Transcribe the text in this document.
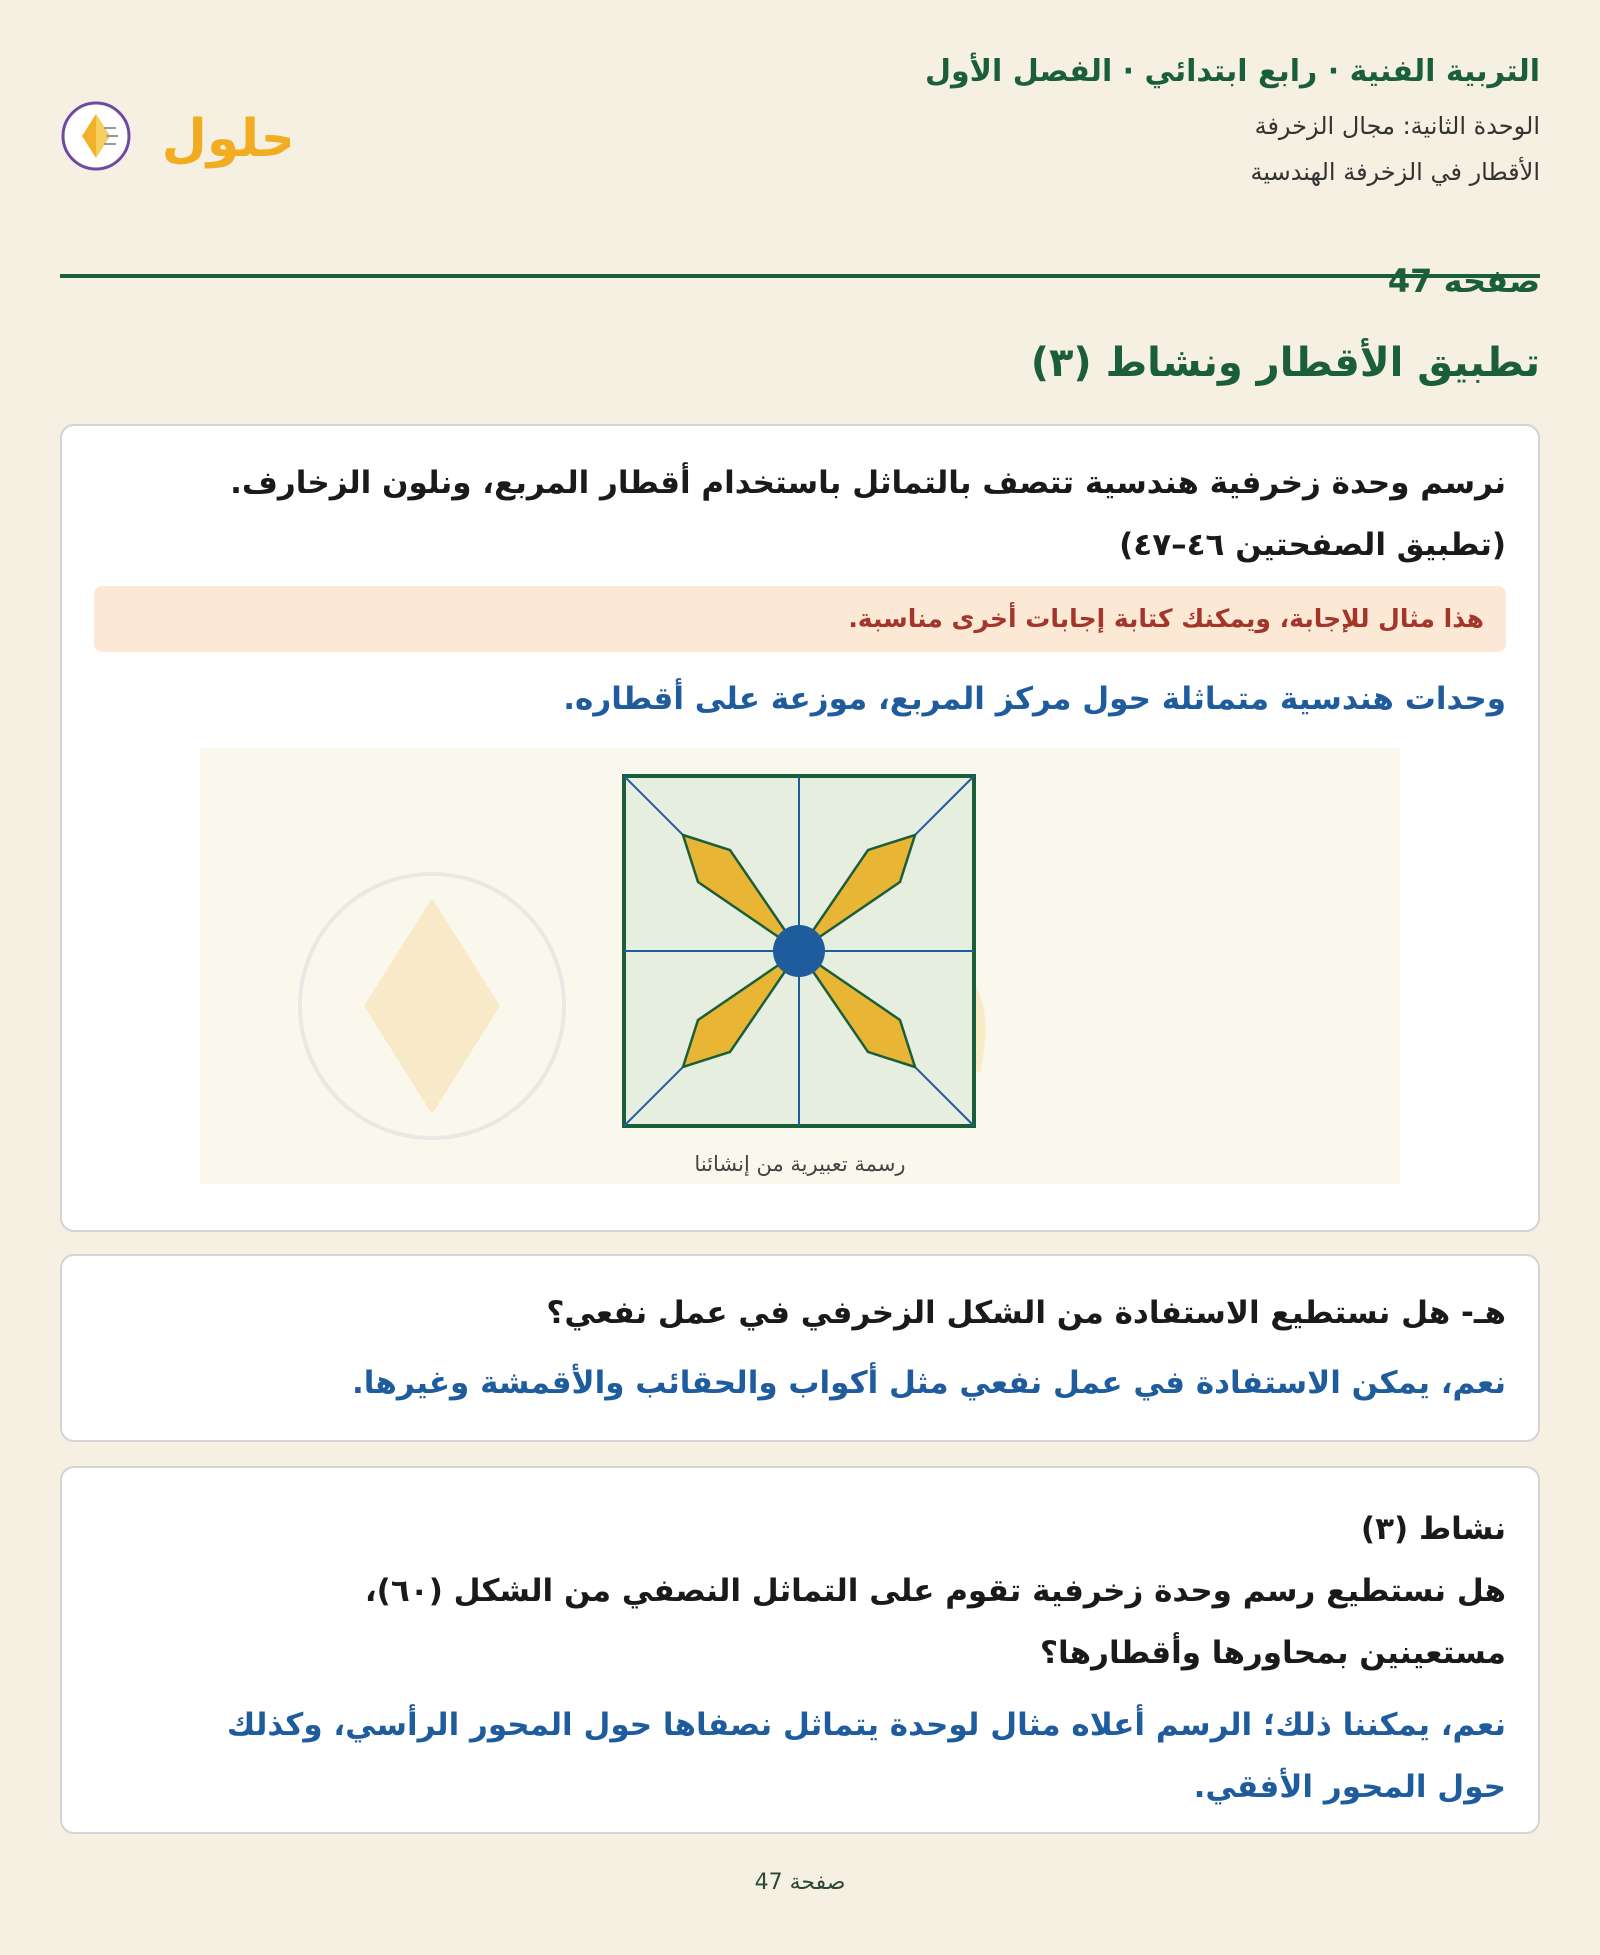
التربية الفنية · رابع ابتدائي · الفصل الأول
الوحدة الثانية: مجال الزخرفة
الأقطار في الزخرفة الهندسية
حلول
صفحة 47
تطبيق الأقطار ونشاط (٣)
نرسم وحدة زخرفية هندسية تتصف بالتماثل باستخدام أقطار المربع، ونلون الزخارف.
(تطبيق الصفحتين ٤٦–٤٧)
هذا مثال للإجابة، ويمكنك كتابة إجابات أخرى مناسبة.
وحدات هندسية متماثلة حول مركز المربع، موزعة على أقطاره.
رسمة تعبيرية من إنشائنا
هـ- هل نستطيع الاستفادة من الشكل الزخرفي في عمل نفعي؟
نعم، يمكن الاستفادة في عمل نفعي مثل أكواب والحقائب والأقمشة وغيرها.
نشاط (٣)
هل نستطيع رسم وحدة زخرفية تقوم على التماثل النصفي من الشكل (٦٠)،
مستعينين بمحاورها وأقطارها؟
نعم، يمكننا ذلك؛ الرسم أعلاه مثال لوحدة يتماثل نصفاها حول المحور الرأسي، وكذلك
حول المحور الأفقي.
صفحة 47
